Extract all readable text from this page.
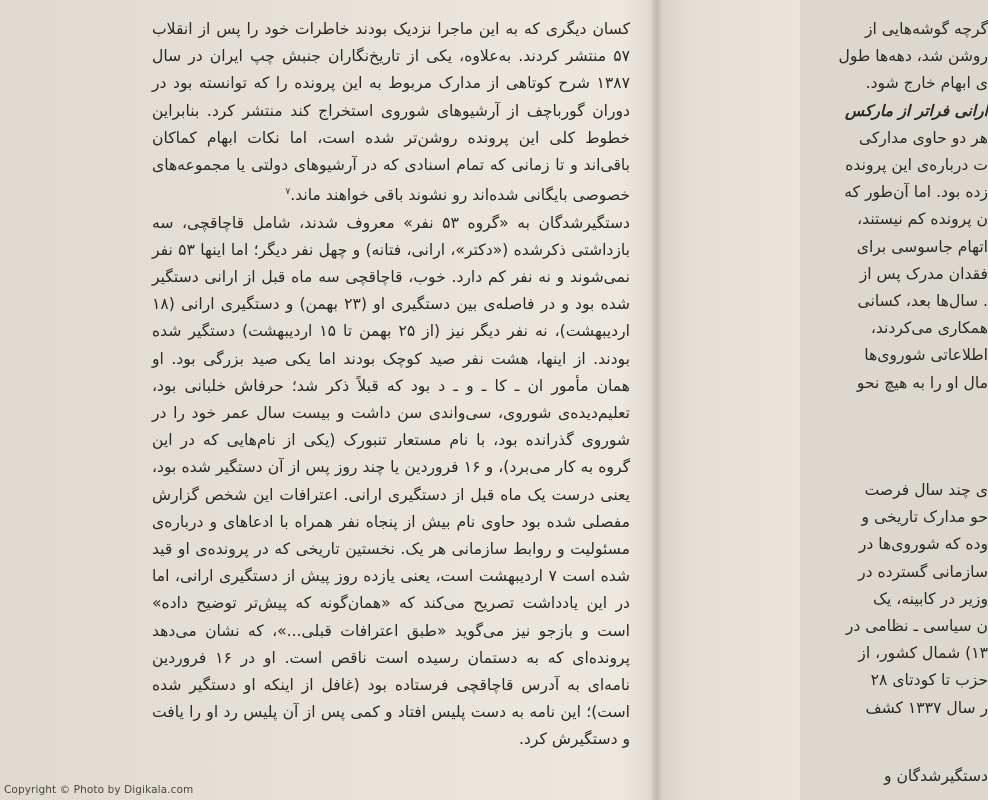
کسان دیگری که به این ماجرا نزدیک بودند خاطرات خود را پس از انقلاب ۵۷ منتشر کردند. به‌علاوه، یکی از تاریخ‌نگاران جنبش چپ ایران در سال ۱۳۸۷ شرح کوتاهی از مدارک مربوط به این پرونده را که توانسته بود در دوران گورباچف از آرشیوهای شوروی استخراج کند منتشر کرد. بنابراین خطوط کلی این پرونده روشن‌تر شده است، اما نکات ابهام کماکان باقی‌اند و تا زمانی که تمام اسنادی که در آرشیوهای دولتی یا مجموعه‌های خصوصی بایگانی شده‌اند رو نشوند باقی خواهند ماند.$^۷$

دستگیرشدگان به «گروه ۵۳ نفر» معروف شدند، شامل قاچاقچی، سه بازداشتی ذکرشده («دکتر»، ارانی، فتانه) و چهل نفر دیگر؛ اما اینها ۵۳ نفر نمی‌شوند و نه نفر کم دارد. خوب، قاچاقچی سه ماه قبل از ارانی دستگیر شده بود و در فاصله‌ی بین دستگیری او (۲۳ بهمن) و دستگیری ارانی (۱۸ اردیبهشت)، نه نفر دیگر نیز (از ۲۵ بهمن تا ۱۵ اردیبهشت) دستگیر شده بودند. از اینها، هشت نفر صید کوچک بودند اما یکی صید بزرگی بود. او همان مأمور ان ـ کا ـ و ـ د بود که قبلاً ذکر شد؛ حرفاش خلبانی بود، تعلیم‌دیده‌ی شوروی، سی‌واندی سن داشت و بیست سال عمر خود را در شوروی گذرانده بود، با نام مستعار تنبورک (یکی از نام‌هایی که در این گروه به کار می‌برد)، و ۱۶ فروردین یا چند روز پس از آن دستگیر شده بود، یعنی درست یک ماه قبل از دستگیری ارانی. اعترافات این شخص گزارش مفصلی شده بود حاوی نام بیش از پنجاه نفر همراه با ادعاهای و درباره‌ی مسئولیت و روابط سازمانی هر یک. نخستین تاریخی که در پرونده‌ی او قید شده است ۷ اردیبهشت است، یعنی یازده روز پیش از دستگیری ارانی، اما در این یادداشت تصریح می‌کند که «همان‌گونه که پیش‌تر توضیح داده» است و بازجو نیز می‌گوید «طبق اعترافات قبلی...»، که نشان می‌دهد پرونده‌ای که به دستمان رسیده است ناقص است. او در ۱۶ فروردین نامه‌ای به آدرس قاچاقچی فرستاده بود (غافل از اینکه او دستگیر شده است)؛ این نامه به دست پلیس افتاد و کمی پس از آن پلیس رد او را یافت و دستگیرش کرد.

گرچه گوشه‌هایی از

روشن شد، دهه‌ها طول

ی ابهام خارج شود.

ارانی فراتر از مارکس

هر دو حاوی مدارکی

ت درباره‌ی این پرونده

زده بود. اما آن‌طور که

ن پرونده کم نیستند،

اتهام جاسوسی برای

فقدان مدرک پس از

. سال‌ها بعد، کسانی

همکاری می‌کردند،

اطلاعاتی شوروی‌ها

مال او را به هیچ نحو

ی چند سال فرصت

حو مدارک تاریخی و

ِوده که شوروی‌ها در

سازمانی گسترده در

وزیر در کابینه، یک

ن سیاسی ـ نظامی در

۱۳) شمال کشور، از

حزب تا کودتای ۲۸

ر سال ۱۳۳۷ کشف

دستگیرشدگان و

Copyright © Photo by Digikala.com
